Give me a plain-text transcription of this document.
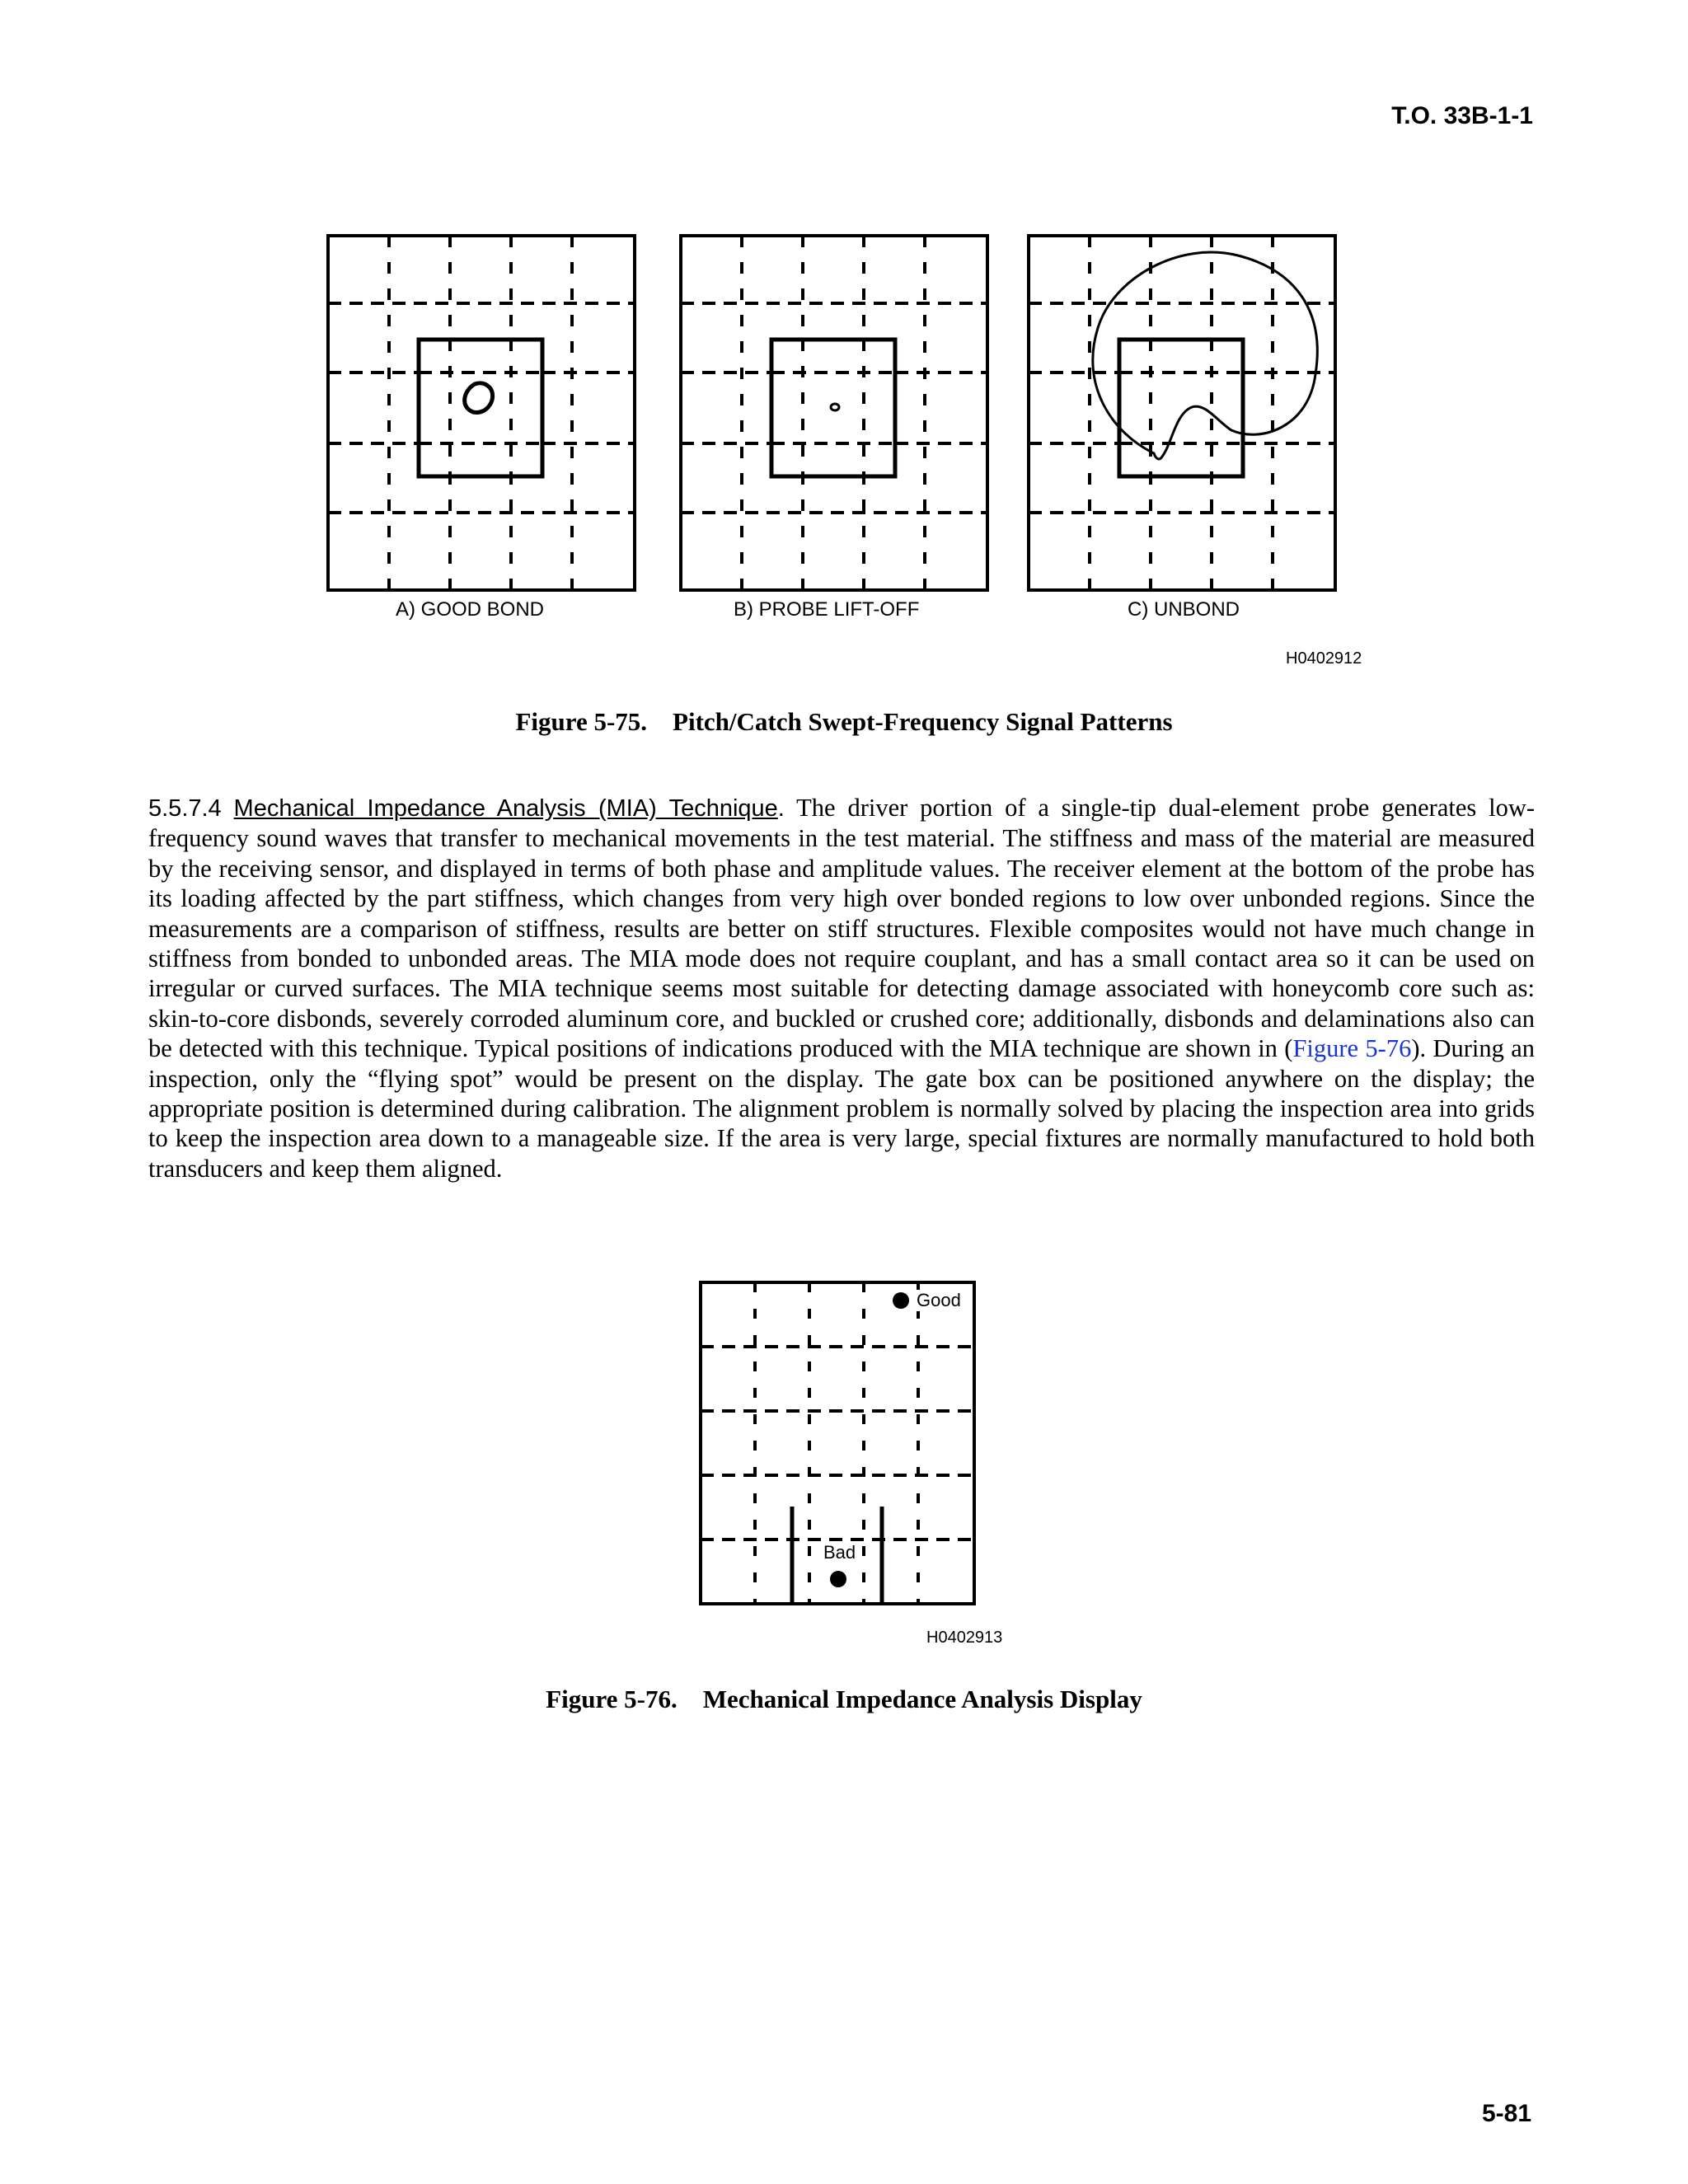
T.O. 33B-1-1
A) GOOD BOND	B) PROBE LIFT-OFF	C) UNBOND
H0402912
Figure 5-75. Pitch/Catch Swept-Frequency Signal Patterns
5.5.7.4 Mechanical Impedance Analysis (MIA) Technique. The driver portion of a single-tip dual-element probe generates low-frequency sound waves that transfer to mechanical movements in the test material. The stiffness and mass of the material are measured by the receiving sensor, and displayed in terms of both phase and amplitude values. The receiver element at the bottom of the probe has its loading affected by the part stiffness, which changes from very high over bonded regions to low over unbonded regions. Since the measurements are a comparison of stiffness, results are better on stiff structures. Flexible composites would not have much change in stiffness from bonded to unbonded areas. The MIA mode does not require couplant, and has a small contact area so it can be used on irregular or curved surfaces. The MIA technique seems most suitable for detecting damage associated with honeycomb core such as: skin-to-core disbonds, severely corroded aluminum core, and buckled or crushed core; additionally, disbonds and delaminations also can be detected with this technique. Typical positions of indications produced with the MIA technique are shown in (Figure 5-76). During an inspection, only the “flying spot” would be present on the display. The gate box can be positioned anywhere on the display; the appropriate position is determined during calibration. The alignment problem is normally solved by placing the inspection area into grids to keep the inspection area down to a manageable size. If the area is very large, special fixtures are normally manufactured to hold both transducers and keep them aligned.
Good
Bad
H0402913
Figure 5-76. Mechanical Impedance Analysis Display
5-81
